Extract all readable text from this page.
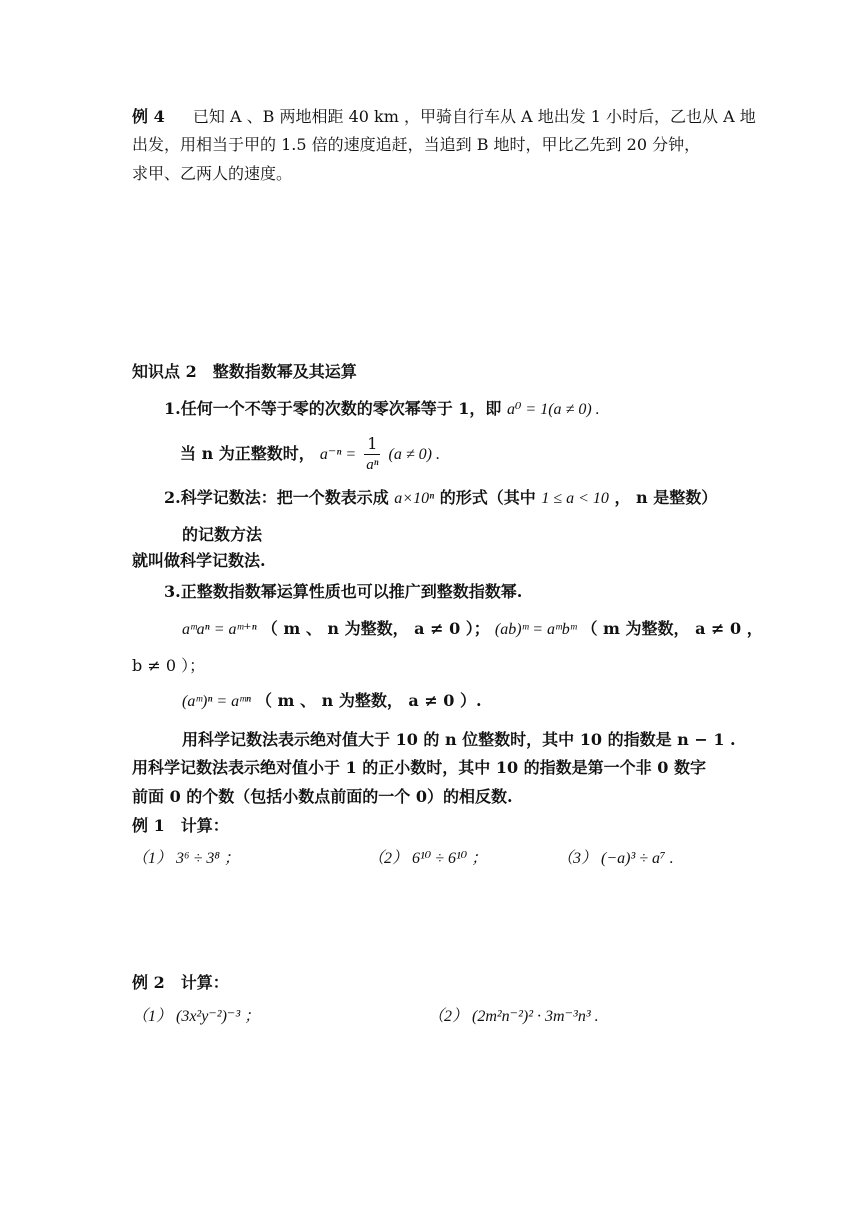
例 4 已知 A 、B 两地相距 40 km ，甲骑自行车从 A 地出发 1 小时后，乙也从 A 地
出发，用相当于甲的 1.5 倍的速度追赶，当追到 B 地时，甲比乙先到 20 分钟，
求甲、乙两人的速度。
知识点 2　整数指数幂及其运算
1.任何一个不等于零的次数的零次幂等于 1，即 a⁰ = 1(a ≠ 0) .
当 n 为正整数时， $a^{-n} = \frac{1}{\text{aⁿ}} (a \ne 0)$ .
2.科学记数法：把一个数表示成 a×10ⁿ 的形式（其中 1 ≤ a < 10 ， n 是整数）
的记数方法
就叫做科学记数法.
3.正整数指数幂运算性质也可以推广到整数指数幂.
aᵐaⁿ = aᵐ⁺ⁿ （ m 、 n 为整数， a ≠ 0 ）； (ab)ᵐ = aᵐbᵐ （ m 为整数， a ≠ 0 ，
b ≠ 0 ）；
(aᵐ)ⁿ = aᵐⁿ （ m 、 n 为整数， a ≠ 0 ）.
用科学记数法表示绝对值大于 10 的 n 位整数时，其中 10 的指数是 n − 1 .
用科学记数法表示绝对值小于 1 的正小数时，其中 10 的指数是第一个非 0 数字
前面 0 的个数（包括小数点前面的一个 0）的相反数.
例 1　计算：
（1） 3⁶ ÷ 3⁸ ；	（2） 6¹⁰ ÷ 6¹⁰ ；	（3） (−a)³ ÷ a⁷ .
例 2　计算：
（1） (3x²y⁻²)⁻³ ；	（2） (2m²n⁻²)² · 3m⁻³n³ .
